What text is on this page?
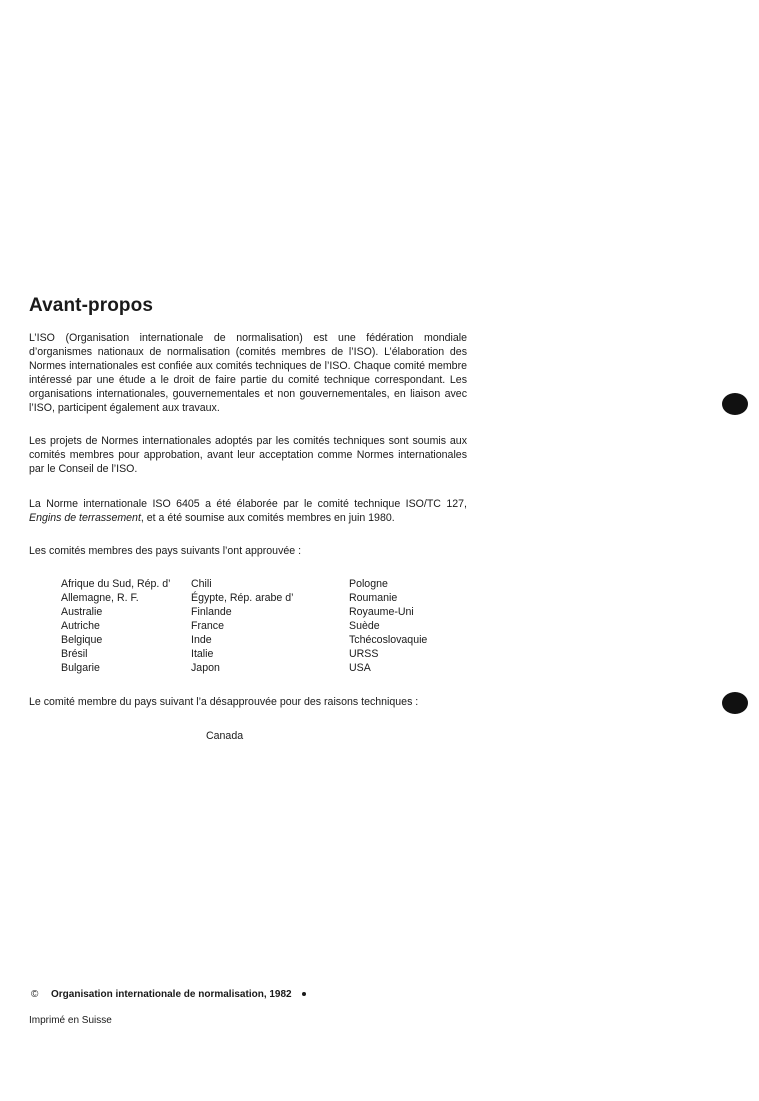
Avant-propos

L’ISO (Organisation internationale de normalisation) est une fédération mondiale d’organismes nationaux de normalisation (comités membres de l’ISO). L’élaboration des Normes internationales est confiée aux comités techniques de l’ISO. Chaque comité membre intéressé par une étude a le droit de faire partie du comité technique correspondant. Les organisations internationales, gouvernementales et non gouvernementales, en liaison avec l’ISO, participent également aux travaux.

Les projets de Normes internationales adoptés par les comités techniques sont soumis aux comités membres pour approbation, avant leur acceptation comme Normes internationales par le Conseil de l’ISO.

La Norme internationale ISO 6405 a été élaborée par le comité technique ISO/TC 127, Engins de terrassement, et a été soumise aux comités membres en juin 1980.

Les comités membres des pays suivants l’ont approuvée :

Afrique du Sud, Rép. d’
Allemagne, R. F.
Australie
Autriche
Belgique
Brésil
Bulgarie
Chili
Égypte, Rép. arabe d’
Finlande
France
Inde
Italie
Japon
Pologne
Roumanie
Royaume-Uni
Suède
Tchécoslovaquie
URSS
USA

Le comité membre du pays suivant l’a désapprouvée pour des raisons techniques :

Canada
© Organisation internationale de normalisation, 1982
Imprimé en Suisse
